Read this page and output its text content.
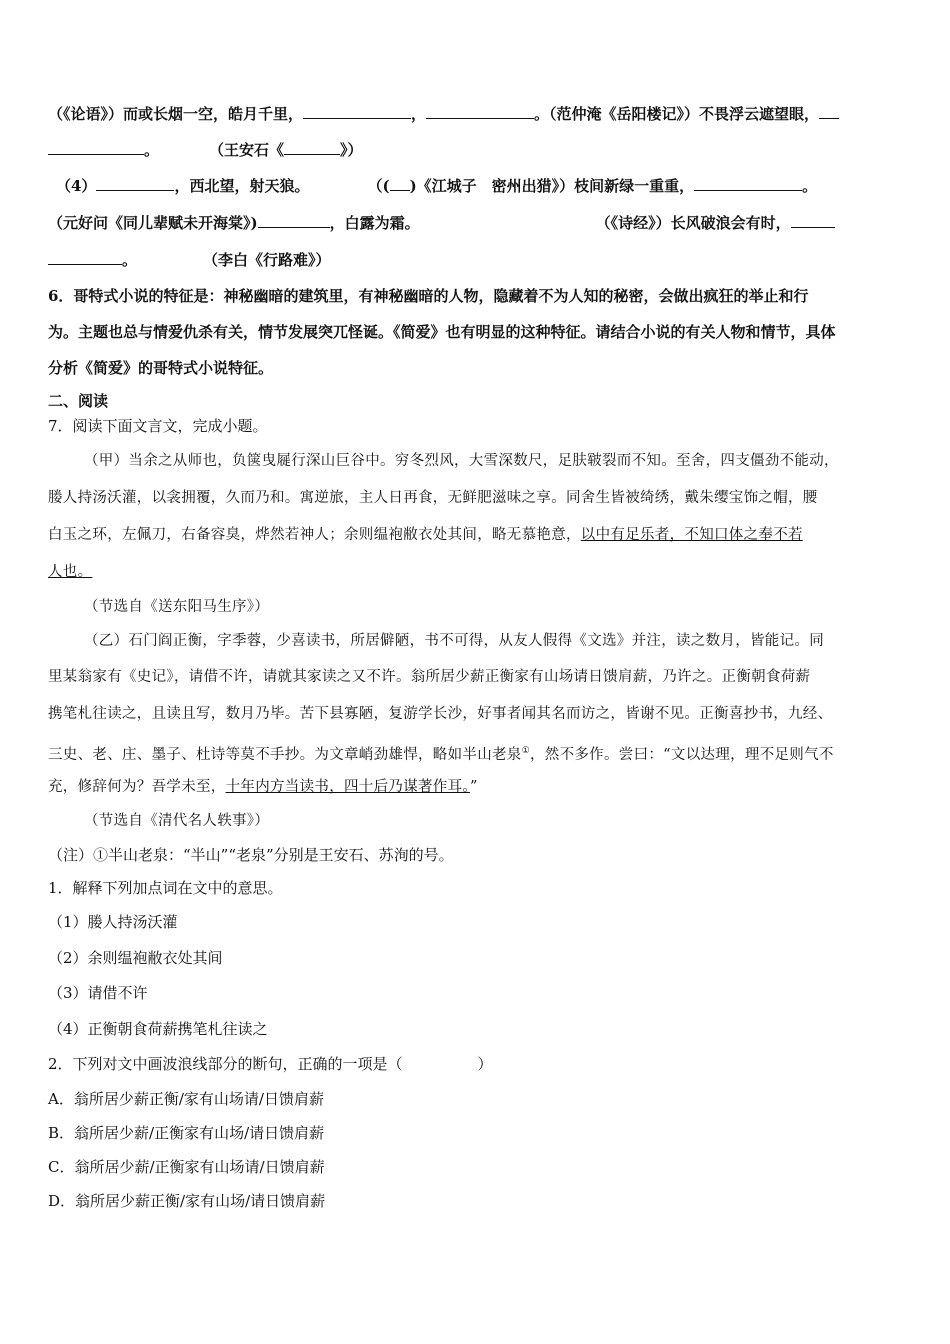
（《论语》）而或长烟一空，皓月千里，	，	。（范仲淹《岳阳楼记》）不畏浮云遮望眼，
。	（王安石《	》）
（4）	，西北望，射天狼。	（( )《江城子　密州出猎》）枝间新绿一重重，	。
（元好问《同儿辈赋未开海棠》)	，白露为霜。	（《诗经》）长风破浪会有时，
。	（李白《行路难》）
6．哥特式小说的特征是：神秘幽暗的建筑里，有神秘幽暗的人物，隐藏着不为人知的秘密，会做出疯狂的举止和行
为。主题也总与情爱仇杀有关，情节发展突兀怪诞。《简爱》也有明显的这种特征。请结合小说的有关人物和情节，具体
分析《简爱》的哥特式小说特征。
二、阅读
7．阅读下面文言文，完成小题。
（甲）当余之从师也，负箧曳屣行深山巨谷中。穷冬烈风，大雪深数尺，足肤皲裂而不知。至舍，四支僵劲不能动，
媵人持汤沃灌，以衾拥覆，久而乃和。寓逆旅，主人日再食，无鲜肥滋味之享。同舍生皆被绮绣，戴朱缨宝饰之帽，腰
白玉之环，左佩刀，右备容臭，烨然若神人；余则缊袍敝衣处其间，略无慕艳意，以中有足乐者，不知口体之奉不若
人也。
（节选自《送东阳马生序》）
（乙）石门阎正衡，字季蓉，少喜读书，所居僻陋，书不可得，从友人假得《文选》并注，读之数月，皆能记。同
里某翁家有《史记》，请借不许，请就其家读之又不许。翁所居少薪正衡家有山场请日馈肩薪，乃许之。正衡朝食荷薪
携笔札往读之，且读且写，数月乃毕。苦下县寡陋，复游学长沙，好事者闻其名而访之，皆谢不见。正衡喜抄书，九经、
三史、老、庄、墨子、杜诗等莫不手抄。为文章峭劲雄悍，略如半山老泉①，然不多作。尝曰：“文以达理，理不足则气不
充，修辞何为？吾学未至，十年内方当读书，四十后乃谋著作耳。”
（节选自《清代名人轶事》）
（注）①半山老泉：“半山”“老泉”分别是王安石、苏洵的号。
1．解释下列加点词在文中的意思。
（1）媵人持汤沃灌
（2）余则缊袍敝衣处其间
（3）请借不许
（4）正衡朝食荷薪携笔札往读之
2．下列对文中画波浪线部分的断句，正确的一项是（　　　　　）
A．翁所居少薪正衡/家有山场请/日馈肩薪
B．翁所居少薪/正衡家有山场/请日馈肩薪
C．翁所居少薪/正衡家有山场请/日馈肩薪
D．翁所居少薪正衡/家有山场/请日馈肩薪
